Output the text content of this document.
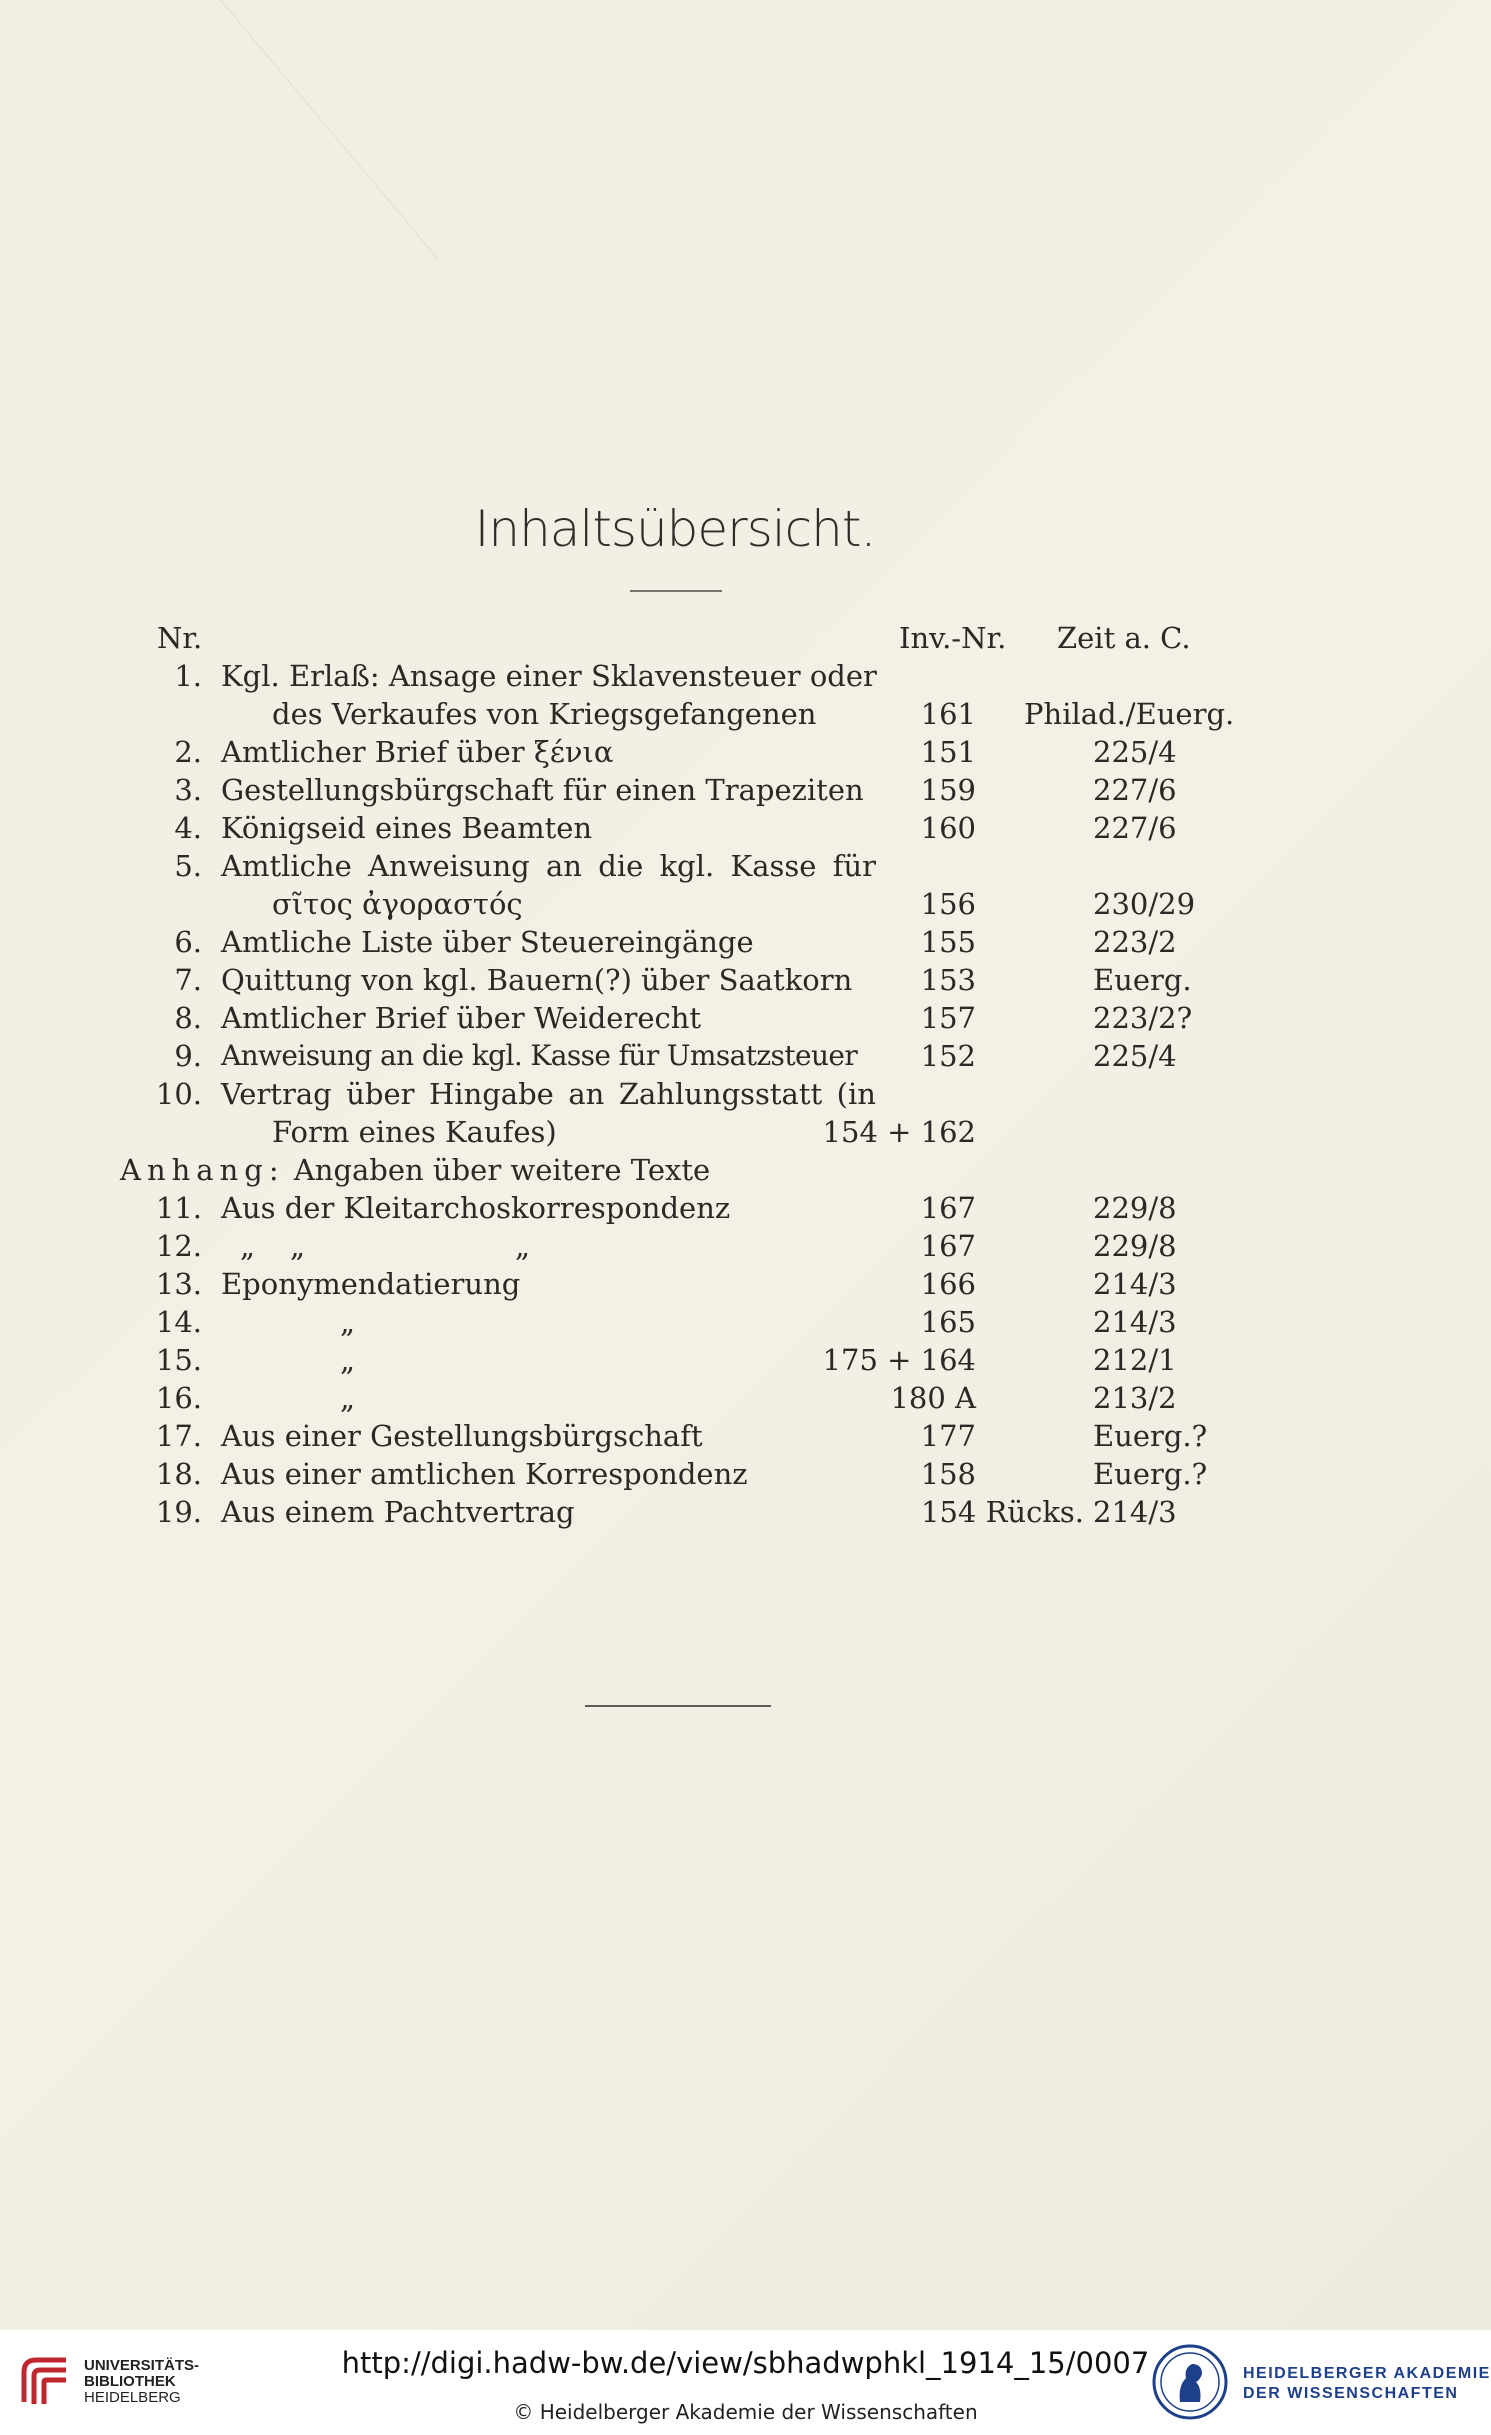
Inhaltsübersicht.
Nr.	Inv.-Nr. Zeit a. C.
1. Kgl. Erlaß: Ansage einer Sklavensteuer oder
des Verkaufes von Kriegsgefangenen	161 Philad./Euerg.
2. Amtlicher Brief über ξένια	151	225/4
3. Gestellungsbürgschaft für einen Trapeziten 159	227/6
4. Königseid eines Beamten	160	227/6
5. Amtliche Anweisung an die kgl. Kasse für
σῖτος ἀγοραστός	156	230/29
6. Amtliche Liste über Steuereingänge	155	223/2
7. Quittung von kgl. Bauern(?) über Saatkorn 153	Euerg.
8. Amtlicher Brief über Weiderecht	157	223/2?
9. Anweisung an die kgl. Kasse für Umsatzsteuer 152	225/4
10. Vertrag über Hingabe an Zahlungsstatt (in
Form eines Kaufes)	154 + 162
Anhang: Angaben über weitere Texte
11. Aus der Kleitarchoskorrespondenz	167	229/8
12. „ „	„	167	229/8
13. Eponymendatierung	166	214/3
14.	„	165	214/3
15.	„	175 + 164	212/1
16.	„	180 A	213/2
17. Aus einer Gestellungsbürgschaft	177	Euerg.?
18. Aus einer amtlichen Korrespondenz	158	Euerg.?
19. Aus einem Pachtvertrag	154 Rücks. 214/3
UNIVERSITÄTS-
BIBLIOTHEK
HEIDELBERG
http://digi.hadw-bw.de/view/sbhadwphkl_1914_15/0007
© Heidelberger Akademie der Wissenschaften
HEIDELBERGER AKADEMIE
DER WISSENSCHAFTEN
